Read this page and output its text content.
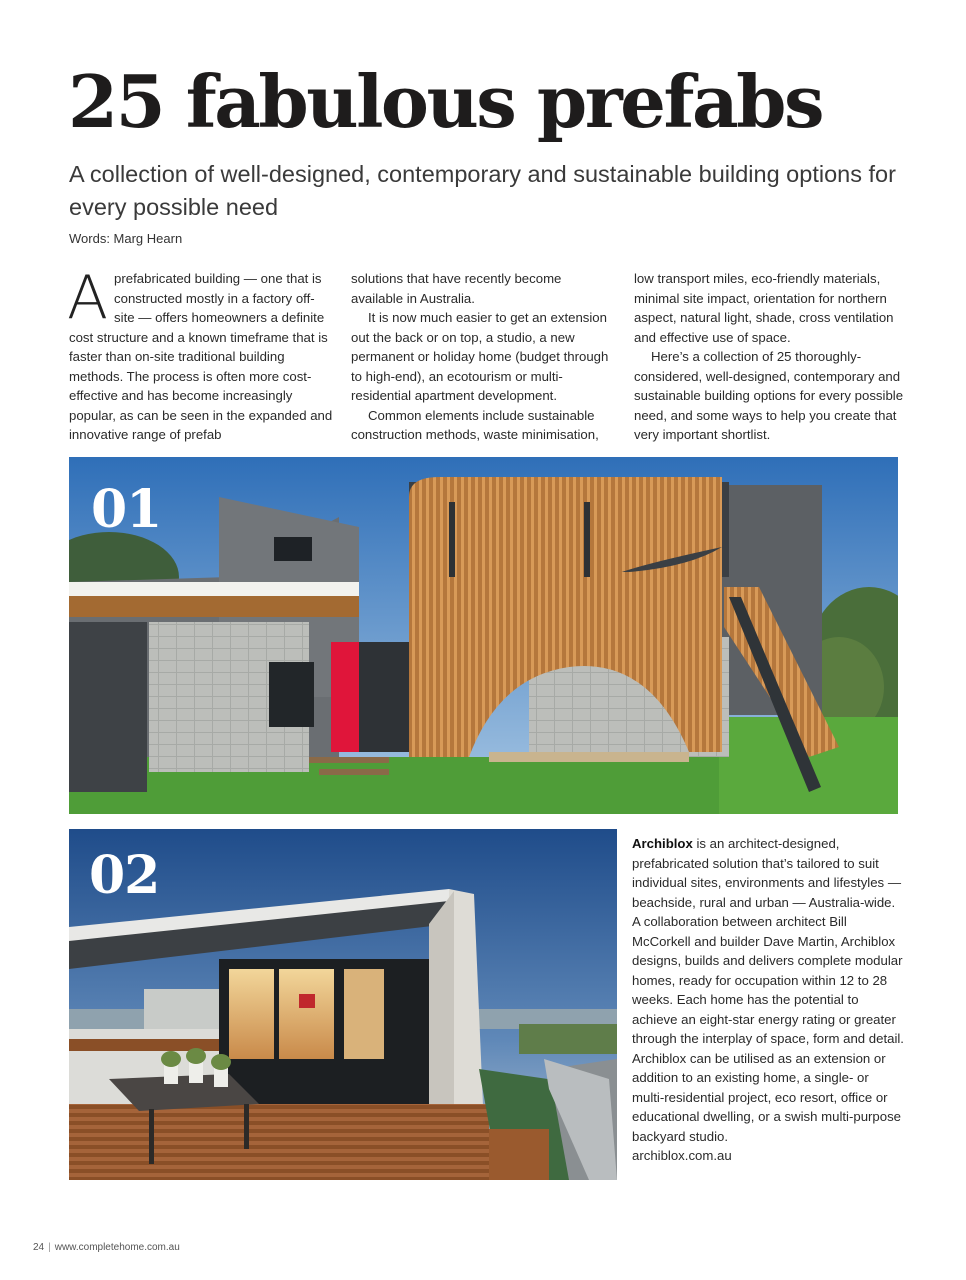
25 fabulous prefabs
A collection of well-designed, contemporary and sustainable building options for every possible need
Words: Marg Hearn
A prefabricated building — one that is constructed mostly in a factory off-site — offers homeowners a definite cost structure and a known timeframe that is faster than on-site traditional building methods. The process is often more cost-effective and has become increasingly popular, as can be seen in the expanded and innovative range of prefab

solutions that have recently become available in Australia.

It is now much easier to get an extension out the back or on top, a studio, a new permanent or holiday home (budget through to high-end), an ecotourism or multi-residential apartment development.

Common elements include sustainable construction methods, waste minimisation,

low transport miles, eco-friendly materials, minimal site impact, orientation for northern aspect, natural light, shade, cross ventilation and effective use of space.

Here’s a collection of 25 thoroughly-considered, well-designed, contemporary and sustainable building options for every possible need, and some ways to help you create that very important shortlist.

01
02

Archiblox is an architect-designed, prefabricated solution that’s tailored to suit individual sites, environments and lifestyles — beachside, rural and urban — Australia-wide. A collaboration between architect Bill McCorkell and builder Dave Martin, Archiblox designs, builds and delivers complete modular homes, ready for occupation within 12 to 28 weeks. Each home has the potential to achieve an eight-star energy rating or greater through the interplay of space, form and detail. Archiblox can be utilised as an extension or addition to an existing home, a single- or multi-residential project, eco resort, office or educational dwelling, or a swish multi-purpose backyard studio.
archiblox.com.au

24 | www.completehome.com.au
